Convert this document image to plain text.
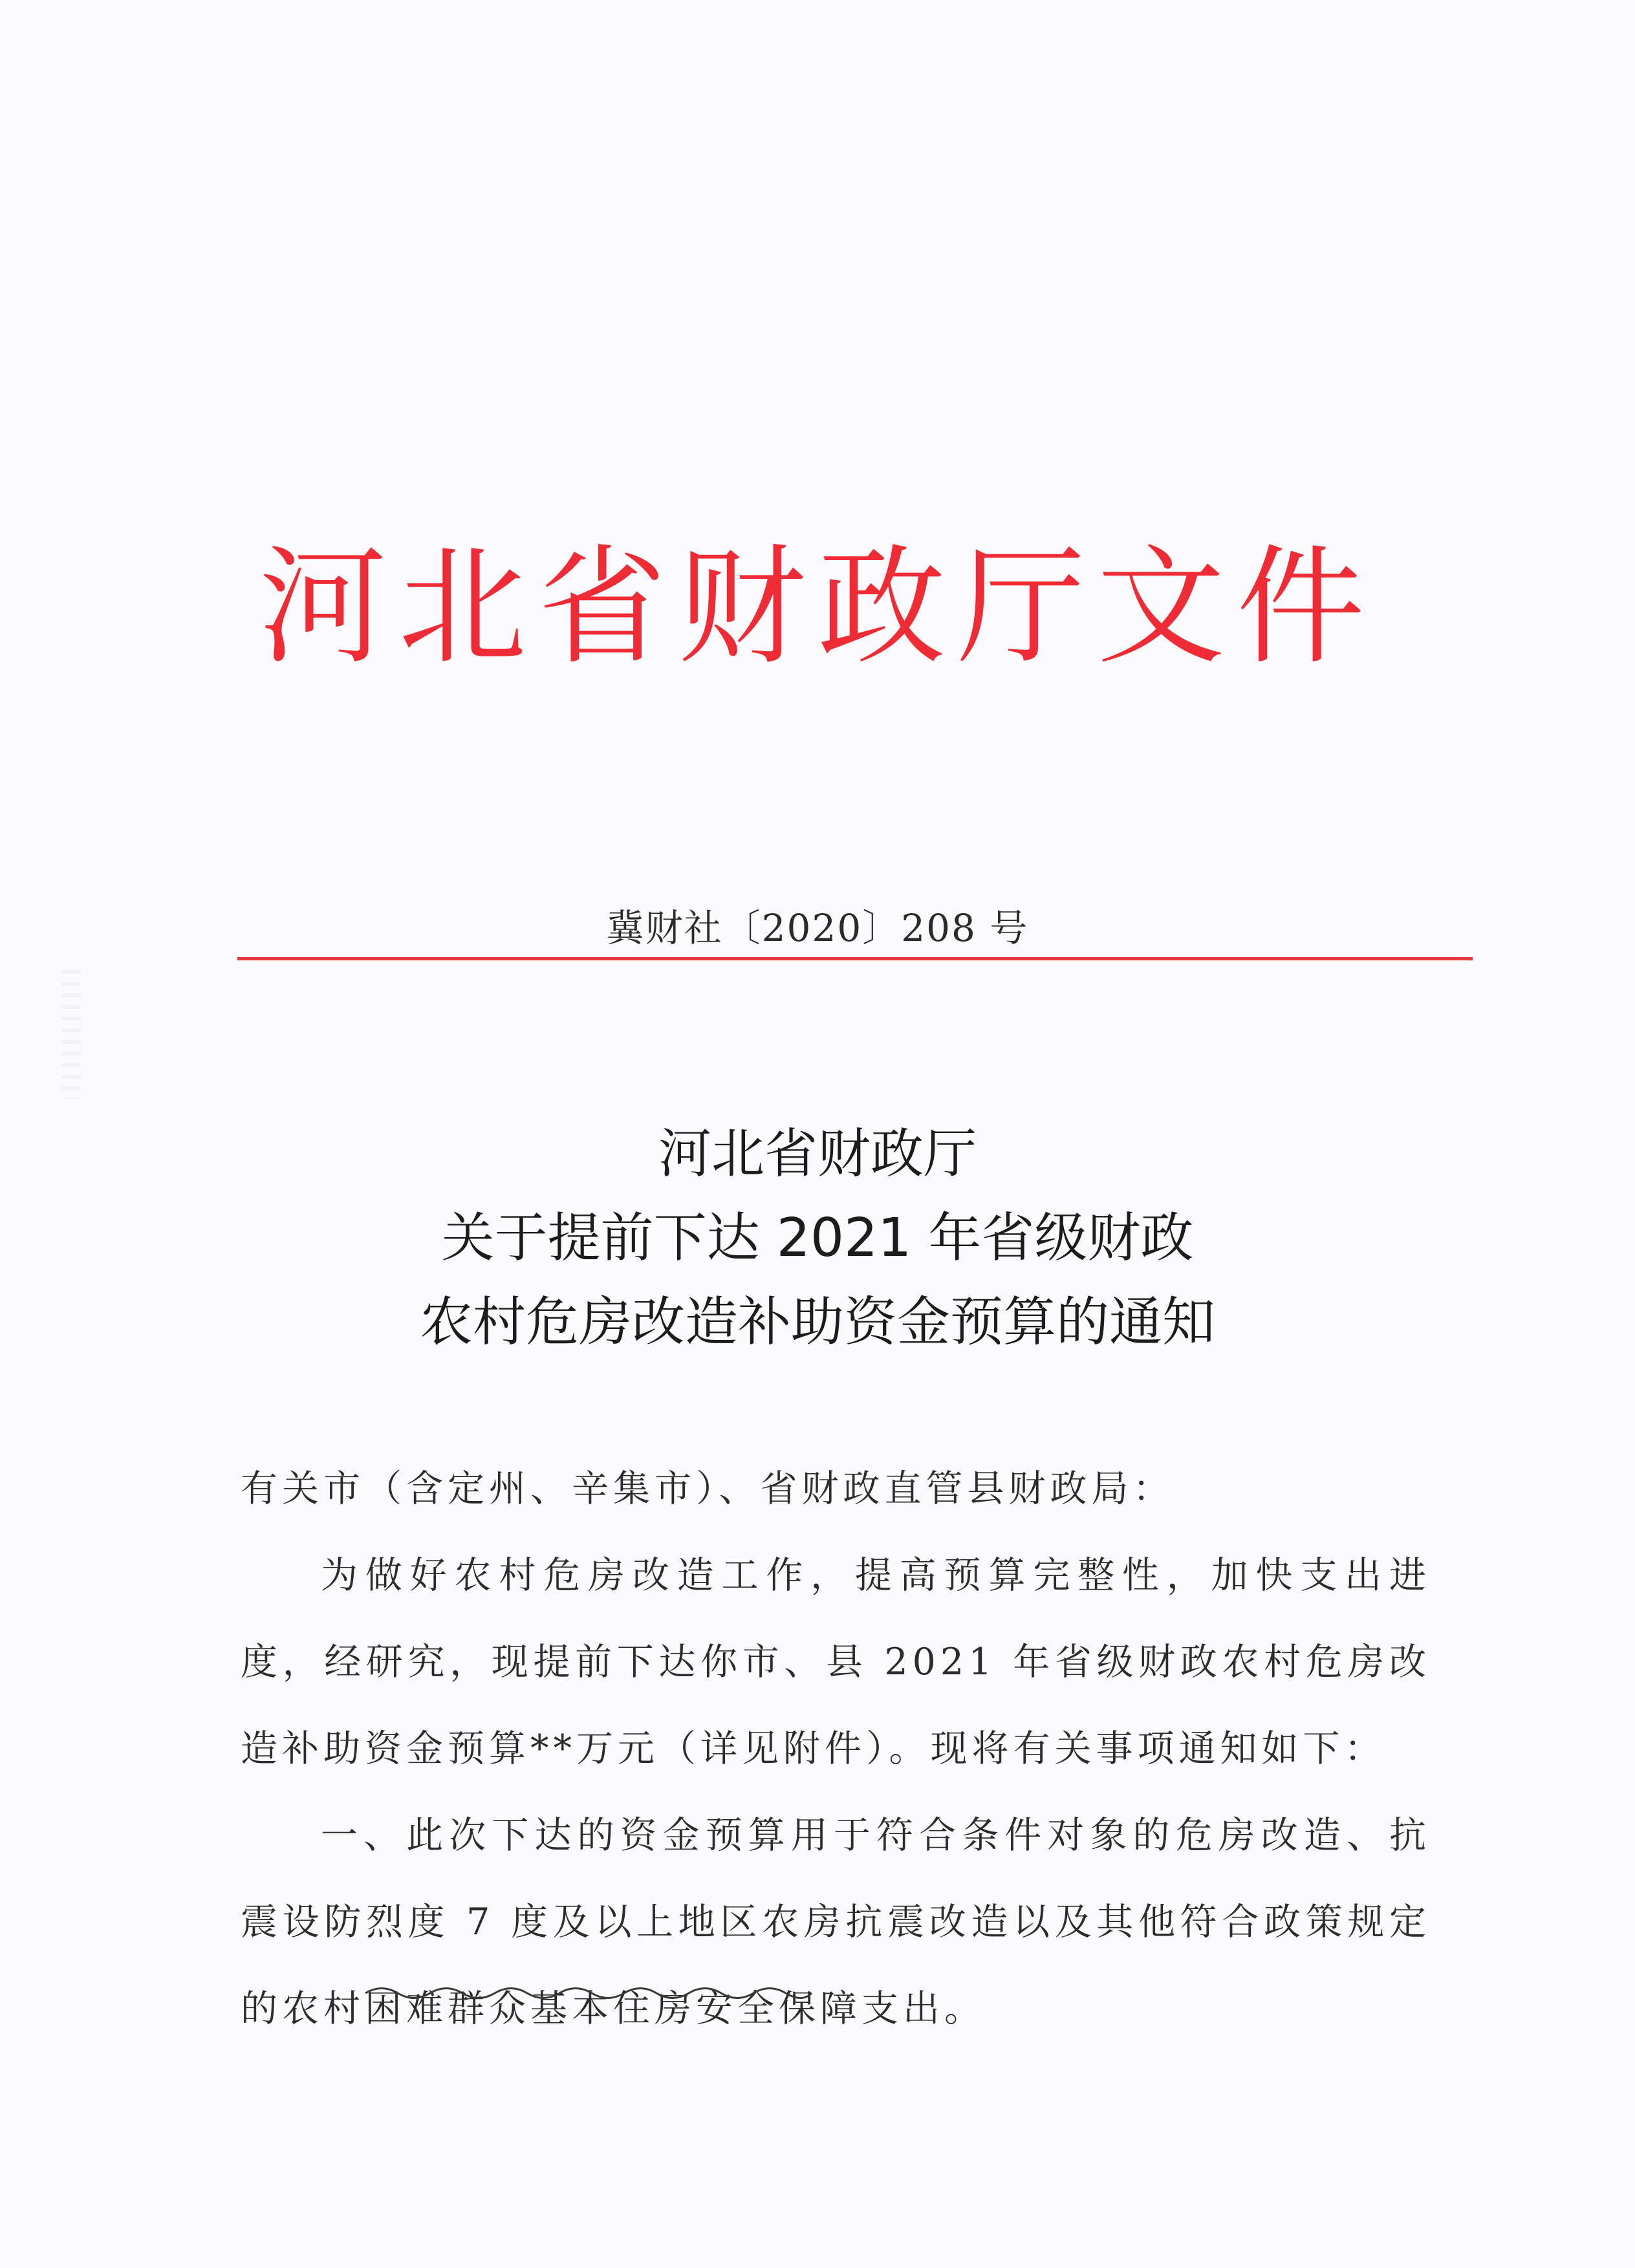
河北省财政厅文件
冀财社〔2020〕208 号
河北省财政厅
关于提前下达 2021 年省级财政
农村危房改造补助资金预算的通知

有关市（含定州、辛集市）、省财政直管县财政局：

为做好农村危房改造工作，提高预算完整性，加快支出进度，经研究，现提前下达你市、县 2021 年省级财政农村危房改造补助资金预算**万元（详见附件）。现将有关事项通知如下：

一、此次下达的资金预算用于符合条件对象的危房改造、抗震设防烈度 7 度及以上地区农房抗震改造以及其他符合政策规定的农村困难群众基本住房安全保障支出。
